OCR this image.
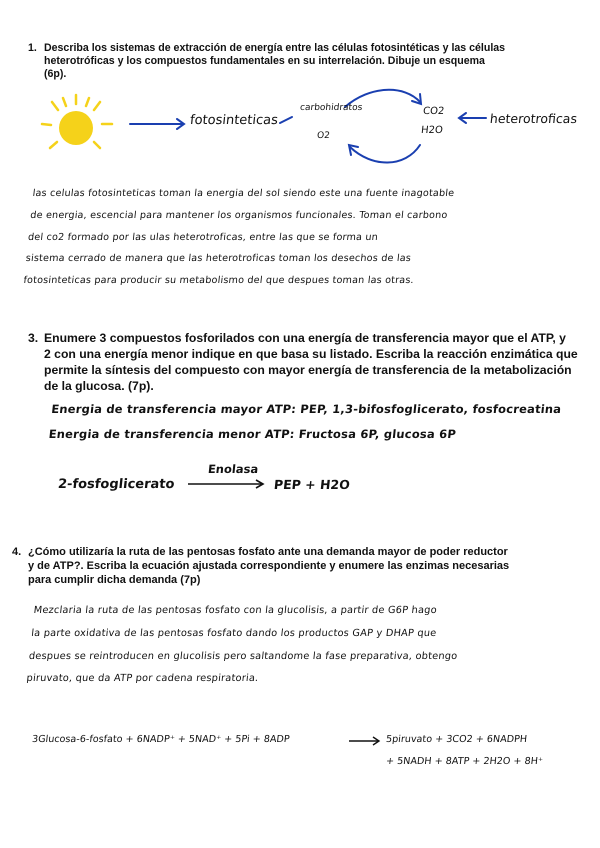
1. Describa los sistemas de extracción de energía entre las células fotosintéticas y las células
heterotróficas y los compuestos fundamentales en su interrelación. Dibuje un esquema
(6p).
fotosinteticas	heterotroficas
carbohidratos
O2
CO2
H2O
las celulas fotosinteticas toman la energia del sol siendo este una fuente inagotable
de energia, escencial para mantener los organismos funcionales. Toman el carbono
del co2 formado por las ulas heterotroficas, entre las que se forma un
sistema cerrado de manera que las heterotroficas toman los desechos de las
fotosinteticas para producir su metabolismo del que despues toman las otras.
3. Enumere 3 compuestos fosforilados con una energía de transferencia mayor que el ATP, y
2 con una energía menor indique en que basa su listado. Escriba la reacción enzimática que
permite la síntesis del compuesto con mayor energía de transferencia de la metabolización
de la glucosa. (7p).
Energia de transferencia mayor ATP: PEP, 1,3-bifosfoglicerato, fosfocreatina
Energia de transferencia menor ATP: Fructosa 6P, glucosa 6P
2-fosfoglicerato
Enolasa
PEP + H2O
4. ¿Cómo utilizaría la ruta de las pentosas fosfato ante una demanda mayor de poder reductor
y de ATP?. Escriba la ecuación ajustada correspondiente y enumere las enzimas necesarias
para cumplir dicha demanda (7p)
Mezclaria la ruta de las pentosas fosfato con la glucolisis, a partir de G6P hago
la parte oxidativa de las pentosas fosfato dando los productos GAP y DHAP que
despues se reintroducen en glucolisis pero saltandome la fase preparativa, obtengo
piruvato, que da ATP por cadena respiratoria.
3Glucosa-6-fosfato + 6NADP⁺ + 5NAD⁺ + 5Pi + 8ADP	5piruvato + 3CO2 + 6NADPH
+ 5NADH + 8ATP + 2H2O + 8H⁺
